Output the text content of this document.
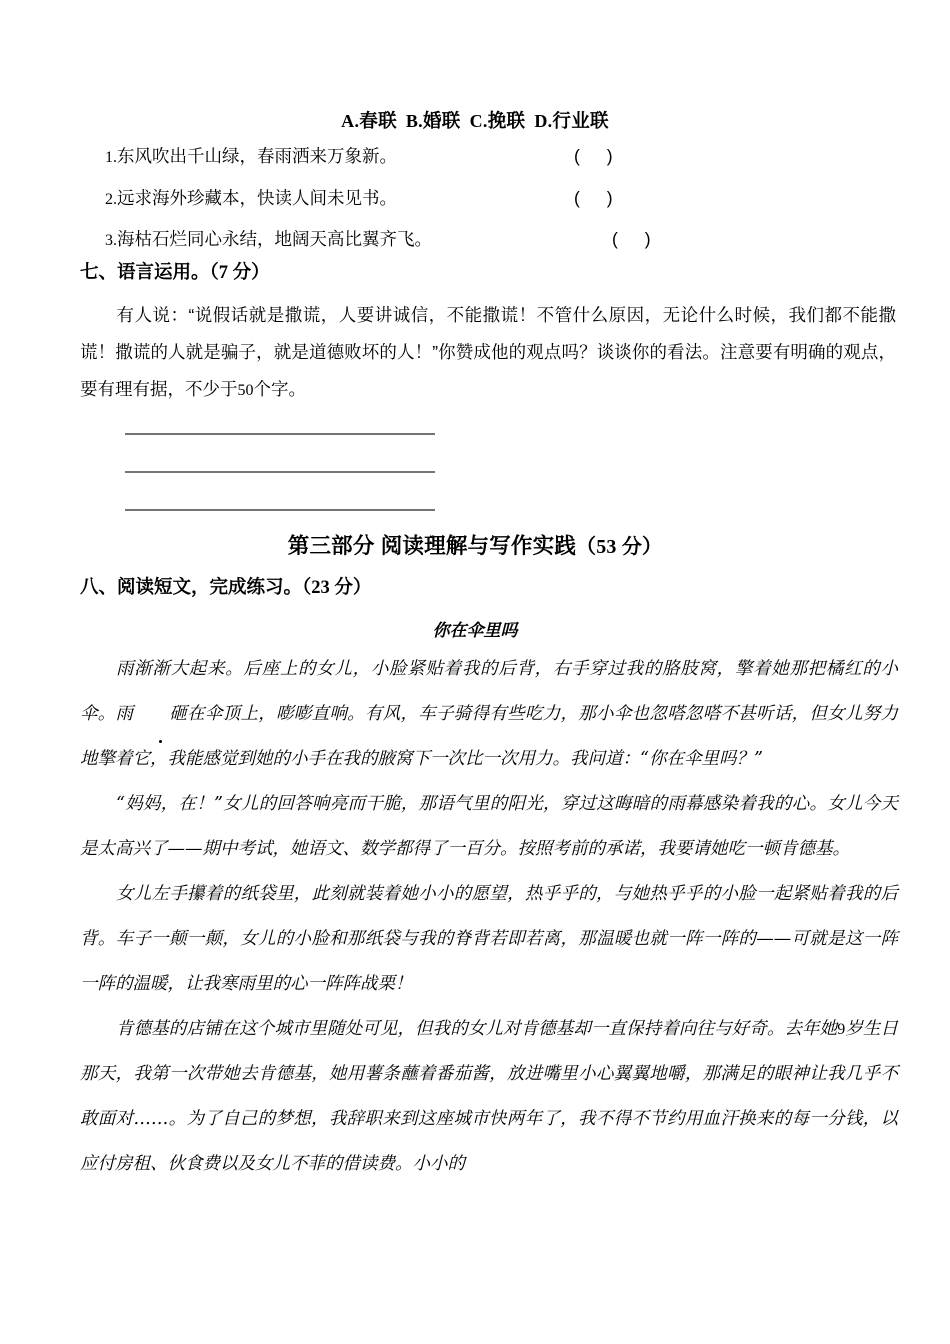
A.春联 B.婚联 C.挽联 D.行业联
1.东风吹出千山绿，春雨洒来万象新。	( )
2.远求海外珍藏本，快读人间未见书。	( )
3.海枯石烂同心永结，地阔天高比翼齐飞。	( )
七、语言运用。（7 分）
有人说：“说假话就是撒谎，人要讲诚信，不能撒谎！不管什么原因，无论什么时候，我们都不能撒谎！撒谎的人就是骗子，就是道德败坏的人！”你赞成他的观点吗？谈谈你的看法。注意要有明确的观点，要有理有据，不少于50个字。
第三部分 阅读理解与写作实践（53 分）
八、阅读短文，完成练习。（23 分）
你在伞里吗

雨渐渐大起来。后座上的女儿，小脸紧贴着我的后背，右手穿过我的胳肢窝，擎着她那把橘红的小伞。雨 砸在伞顶上，嘭嘭直响。有风，车子骑得有些吃力，那小伞也忽嗒忽嗒不甚听话，但女儿努力地擎着它，我能感觉到她的小手在我的腋窝下一次比一次用力。我问道：“你在伞里吗？”

“妈妈，在！”女儿的回答响亮而干脆，那语气里的阳光，穿过这晦暗的雨幕感染着我的心。女儿今天是太高兴了——期中考试，她语文、数学都得了一百分。按照考前的承诺，我要请她吃一顿肯德基。

女儿左手攥着的纸袋里，此刻就装着她小小的愿望，热乎乎的，与她热乎乎的小脸一起紧贴着我的后背。车子一颠一颠，女儿的小脸和那纸袋与我的脊背若即若离，那温暖也就一阵一阵的——可就是这一阵一阵的温暖，让我寒雨里的心一阵阵战栗！

肯德基的店铺在这个城市里随处可见，但我的女儿对肯德基却一直保持着向往与好奇。去年她9岁生日那天，我第一次带她去肯德基，她用薯条蘸着番茄酱，放进嘴里小心翼翼地嚼，那满足的眼神让我几乎不敢面对……。为了自己的梦想，我辞职来到这座城市快两年了，我不得不节约用血汗换来的每一分钱，以应付房租、伙食费以及女儿不菲的借读费。小小的
